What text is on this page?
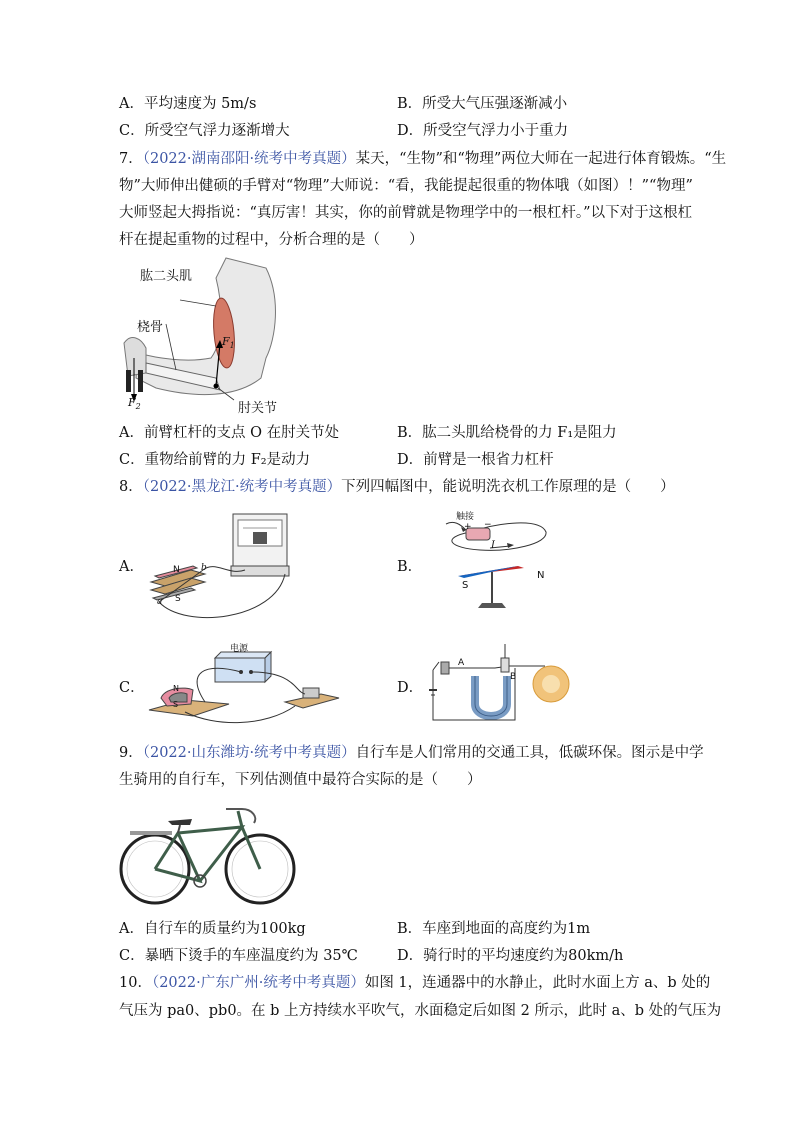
A．平均速度为 5m/s	B．所受大气压强逐渐减小
C．所受空气浮力逐渐增大	D．所受空气浮力小于重力
7．（2022·湖南邵阳·统考中考真题）某天，“生物”和“物理”两位大师在一起进行体育锻炼。“生
物”大师伸出健硕的手臂对“物理”大师说：“看，我能提起很重的物体哦（如图）！”“物理”
大师竖起大拇指说：“真厉害！其实，你的前臂就是物理学中的一根杠杆。”以下对于这根杠
杆在提起重物的过程中，分析合理的是（　　）
肱二头肌
桡骨
肘关节
$F_1$
$F_2$
A．前臂杠杆的支点 O 在肘关节处	B．肱二头肌给桡骨的力 F₁是阻力
C．重物给前臂的力 F₂是动力	D．前臂是一根省力杠杆
8．（2022·黑龙江·统考中考真题）下列四幅图中，能说明洗衣机工作原理的是（　　）
A．	B．
C．	D．
N
S
b
a
触接
+ −
I
N
S
电源
N
S
A
B
9．（2022·山东潍坊·统考中考真题）自行车是人们常用的交通工具，低碳环保。图示是中学
生骑用的自行车，下列估测值中最符合实际的是（　　）
A．自行车的质量约为100kg	B．车座到地面的高度约为1m
C．暴晒下烫手的车座温度约为 35℃	D．骑行时的平均速度约为80km/h
10．（2022·广东广州·统考中考真题）如图 1，连通器中的水静止，此时水面上方 a、b 处的
气压为 pa0、pb0。在 b 上方持续水平吹气，水面稳定后如图 2 所示，此时 a、b 处的气压为
